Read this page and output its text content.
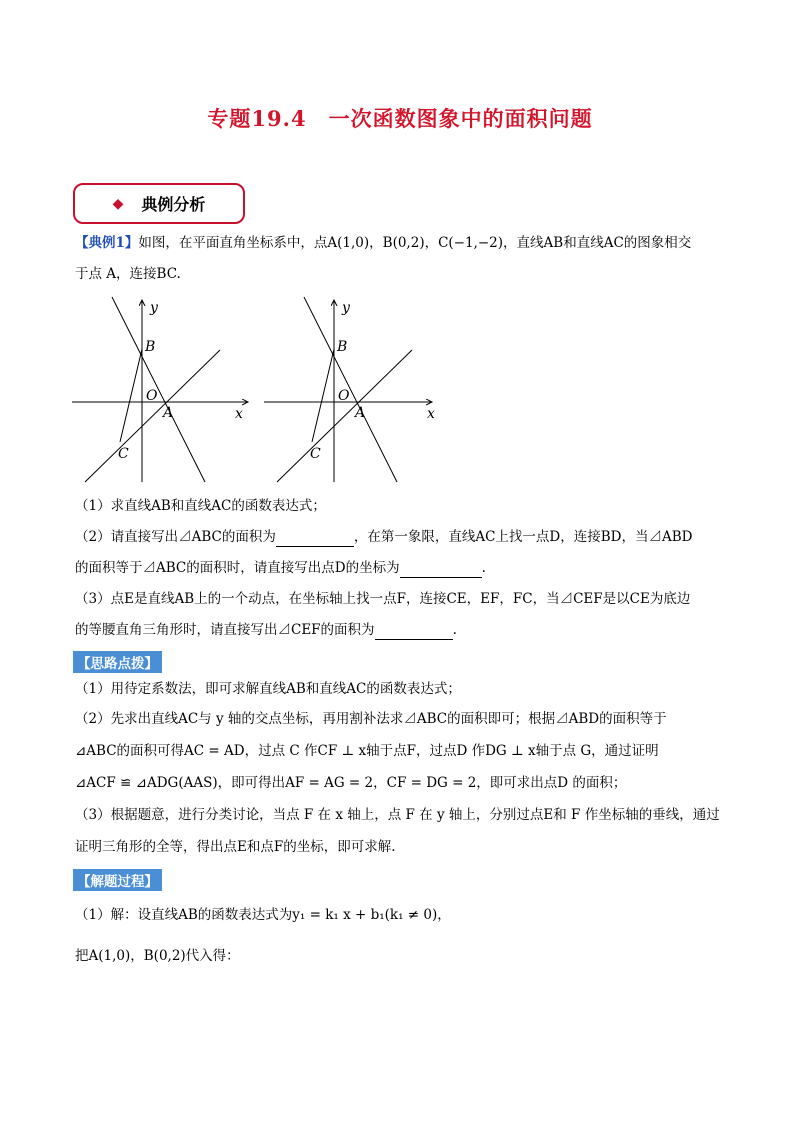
专题19.4　一次函数图象中的面积问题
◆ 典例分析
【典例1】如图，在平面直角坐标系中，点A(1,0)，B(0,2)，C(−1,−2)，直线AB和直线AC的图象相交
于点 A，连接BC.
y
x
B
O
A
C
y
x
B
O
A
C
（1）求直线AB和直线AC的函数表达式；
（2）请直接写出⊿ABC的面积为	，在第一象限，直线AC上找一点D，连接BD，当⊿ABD
的面积等于⊿ABC的面积时，请直接写出点D的坐标为	.
（3）点E是直线AB上的一个动点，在坐标轴上找一点F，连接CE，EF，FC，当⊿CEF是以CE为底边
的等腰直角三角形时，请直接写出⊿CEF的面积为	.
【思路点拨】
（1）用待定系数法，即可求解直线AB和直线AC的函数表达式；
（2）先求出直线AC与 y 轴的交点坐标，再用割补法求⊿ABC的面积即可；根据⊿ABD的面积等于
⊿ABC的面积可得AC = AD，过点 C 作CF ⊥ x轴于点F，过点D 作DG ⊥ x轴于点 G，通过证明
⊿ACF ≌ ⊿ADG(AAS)，即可得出AF = AG = 2，CF = DG = 2，即可求出点D 的面积；
（3）根据题意，进行分类讨论，当点 F 在 x 轴上，点 F 在 y 轴上，分别过点E和 F 作坐标轴的垂线，通过
证明三角形的全等，得出点E和点F的坐标，即可求解.
【解题过程】
（1）解：设直线AB的函数表达式为y₁ = k₁ x + b₁(k₁ ≠ 0)，
把A(1,0)，B(0,2)代入得：
